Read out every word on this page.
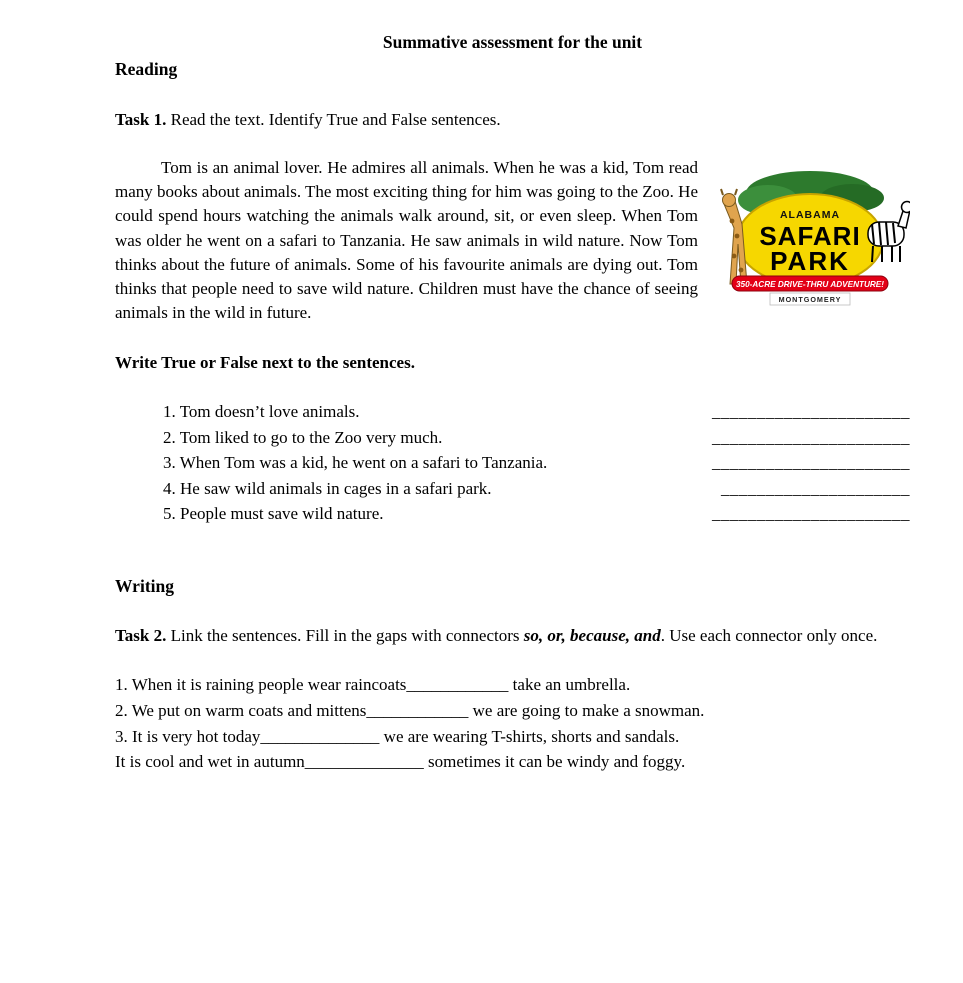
Summative assessment for the unit
Reading
Task 1. Read the text. Identify True and False sentences.
ALABAMA
SAFARI
PARK
350-ACRE DRIVE-THRU ADVENTURE!
MONTGOMERY

Tom is an animal lover. He admires all animals. When he was a kid, Tom read many books about animals. The most exciting thing for him was going to the Zoo. He could spend hours watching the animals walk around, sit, or even sleep. When Tom was older he went on a safari to Tanzania. He saw animals in wild nature. Now Tom thinks about the future of animals. Some of his favourite animals are dying out. Tom thinks that people need to save wild nature. Children must have the chance of seeing animals in the wild in future.

Write True or False next to the sentences.
1. Tom doesn’t love animals.	______________________
2. Tom liked to go to the Zoo very much.	______________________
3. When Tom was a kid, he went on a safari to Tanzania.	______________________
4. He saw wild animals in cages in a safari park.	_____________________
5. People must save wild nature.	______________________
Writing

Task 2. Link the sentences. Fill in the gaps with connectors so, or, because, and. Use each connector only once.

1. When it is raining people wear raincoats____________ take an umbrella.
2. We put on warm coats and mittens____________ we are going to make a snowman.
3. It is very hot today______________ we are wearing T-shirts, shorts and sandals.
It is cool and wet in autumn______________ sometimes it can be windy and foggy.
